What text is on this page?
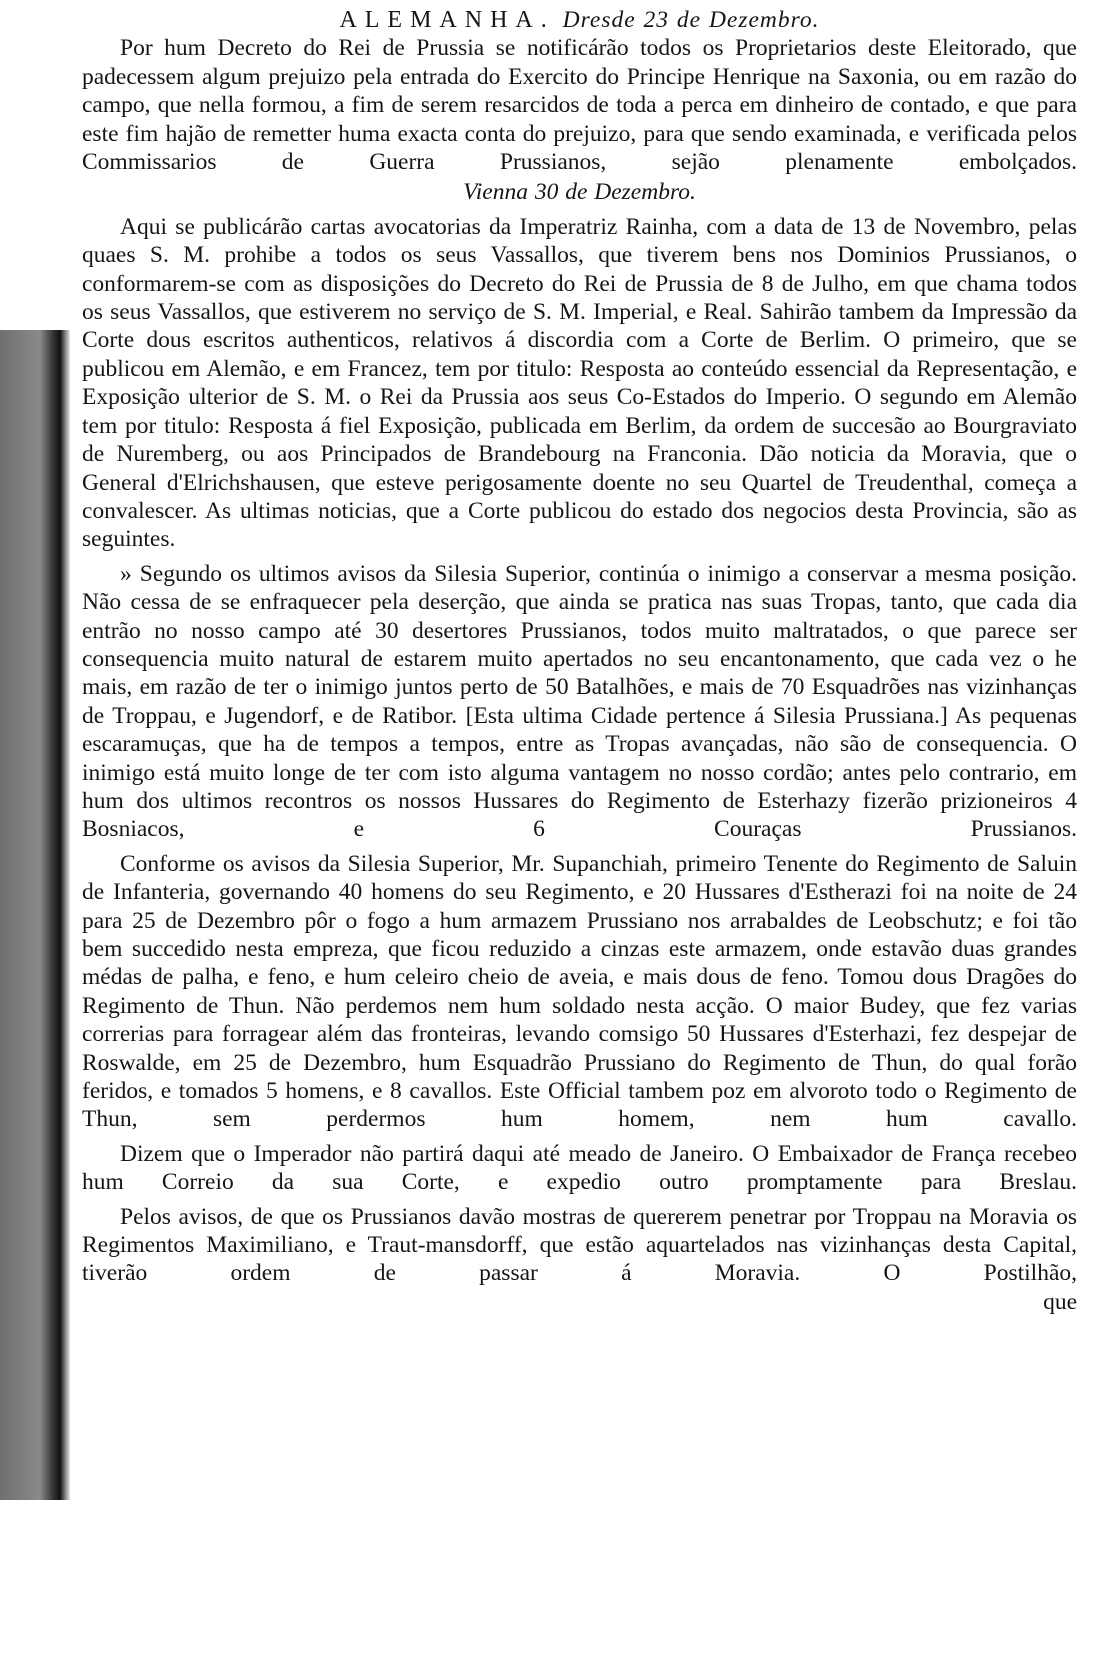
ALEMANHA. Dresde 23 de Dezembro.

Por hum Decreto do Rei de Prussia se notificárão todos os Proprietarios deste Eleitorado, que padecessem algum prejuizo pela entrada do Exercito do Principe Henrique na Saxonia, ou em razão do campo, que nella formou, a fim de serem resarcidos de toda a perca em dinheiro de contado, e que para este fim hajão de remetter huma exacta conta do prejuizo, para que sendo examinada, e verificada pelos Commissarios de Guerra Prussianos, sejão plenamente embolçados.

Vienna 30 de Dezembro.

Aqui se publicárão cartas avocatorias da Imperatriz Rainha, com a data de 13 de Novembro, pelas quaes S. M. prohibe a todos os seus Vassallos, que tiverem bens nos Dominios Prussianos, o conformarem-se com as disposições do Decreto do Rei de Prussia de 8 de Julho, em que chama todos os seus Vassallos, que estiverem no serviço de S. M. Imperial, e Real. Sahirão tambem da Impressão da Corte dous escritos authenticos, relativos á discordia com a Corte de Berlim. O primeiro, que se publicou em Alemão, e em Francez, tem por titulo: Resposta ao conteúdo essencial da Representação, e Exposição ulterior de S. M. o Rei da Prussia aos seus Co-Estados do Imperio. O segundo em Alemão tem por titulo: Resposta á fiel Exposição, publicada em Berlim, da ordem de succesão ao Bourgraviato de Nuremberg, ou aos Principados de Brandebourg na Franconia. Dão noticia da Moravia, que o General d'Elrichshausen, que esteve perigosamente doente no seu Quartel de Treudenthal, começa a convalescer. As ultimas noticias, que a Corte publicou do estado dos negocios desta Provincia, são as seguintes.

» Segundo os ultimos avisos da Silesia Superior, continúa o inimigo a conservar a mesma posição. Não cessa de se enfraquecer pela deserção, que ainda se pratica nas suas Tropas, tanto, que cada dia entrão no nosso campo até 30 desertores Prussianos, todos muito maltratados, o que parece ser consequencia muito natural de estarem muito apertados no seu encantonamento, que cada vez o he mais, em razão de ter o inimigo juntos perto de 50 Batalhões, e mais de 70 Esquadrões nas vizinhanças de Troppau, e Jugendorf, e de Ratibor. [Esta ultima Cidade pertence á Silesia Prussiana.] As pequenas escaramuças, que ha de tempos a tempos, entre as Tropas avançadas, não são de consequencia. O inimigo está muito longe de ter com isto alguma vantagem no nosso cordão; antes pelo contrario, em hum dos ultimos recontros os nossos Hussares do Regimento de Esterhazy fizerão prizioneiros 4 Bosniacos, e 6 Couraças Prussianos.

Conforme os avisos da Silesia Superior, Mr. Supanchiah, primeiro Tenente do Regimento de Saluin de Infanteria, governando 40 homens do seu Regimento, e 20 Hussares d'Estherazi foi na noite de 24 para 25 de Dezembro pôr o fogo a hum armazem Prussiano nos arrabaldes de Leobschutz; e foi tão bem succedido nesta empreza, que ficou reduzido a cinzas este armazem, onde estavão duas grandes médas de palha, e feno, e hum celeiro cheio de aveia, e mais dous de feno. Tomou dous Dragões do Regimento de Thun. Não perdemos nem hum soldado nesta acção. O maior Budey, que fez varias correrias para forragear além das fronteiras, levando comsigo 50 Hussares d'Esterhazi, fez despejar de Roswalde, em 25 de Dezembro, hum Esquadrão Prussiano do Regimento de Thun, do qual forão feridos, e tomados 5 homens, e 8 cavallos. Este Official tambem poz em alvoroto todo o Regimento de Thun, sem perdermos hum homem, nem hum cavallo.

Dizem que o Imperador não partirá daqui até meado de Janeiro. O Embaixador de França recebeo hum Correio da sua Corte, e expedio outro promptamente para Breslau.

Pelos avisos, de que os Prussianos davão mostras de quererem penetrar por Troppau na Moravia os Regimentos Maximiliano, e Traut-mansdorff, que estão aquartelados nas vizinhanças desta Capital, tiverão ordem de passar á Moravia. O Postilhão,

que
